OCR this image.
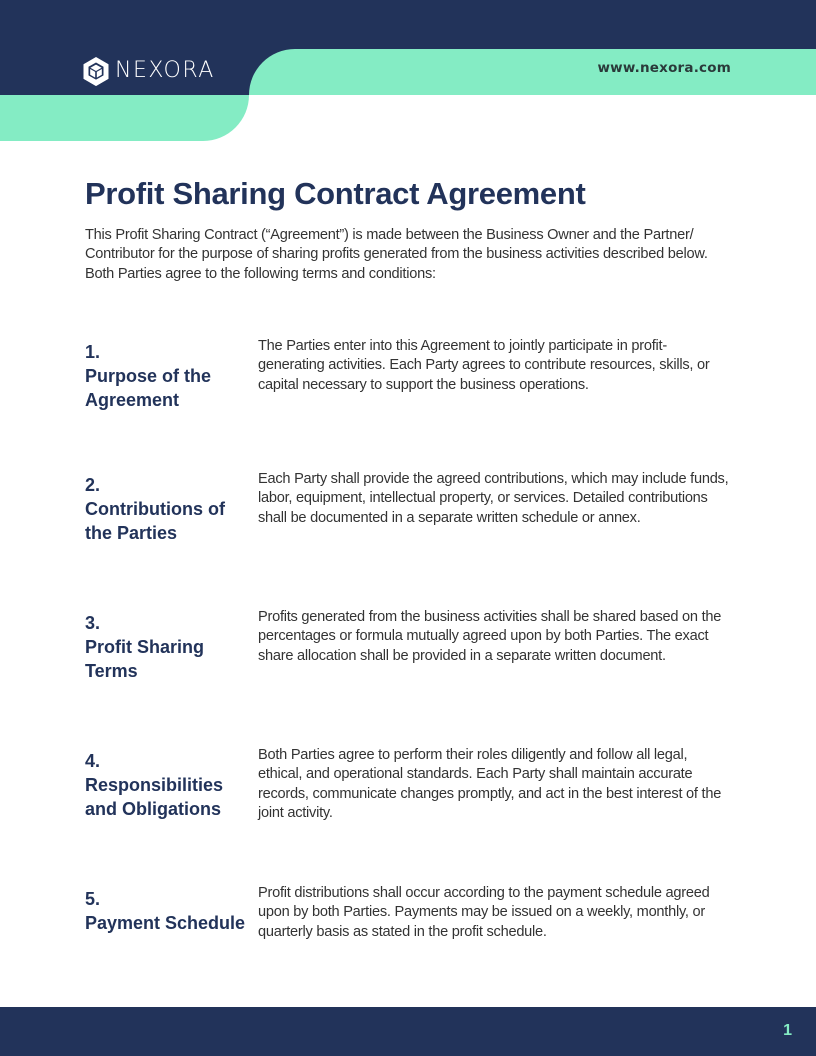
NEXORA	www.nexora.com
Profit Sharing Contract Agreement

This Profit Sharing Contract (“Agreement”) is made between the Business Owner and the Partner/ Contributor for the purpose of sharing profits generated from the business activities described below. Both Parties agree to the following terms and conditions:

1.
Purpose of the Agreement

The Parties enter into this Agreement to jointly participate in profit-generating activities. Each Party agrees to contribute resources, skills, or capital necessary to support the business operations.

2.
Contributions of the Parties

Each Party shall provide the agreed contributions, which may include funds, labor, equipment, intellectual property, or services. Detailed contributions shall be documented in a separate written schedule or annex.

3.
Profit Sharing Terms

Profits generated from the business activities shall be shared based on the percentages or formula mutually agreed upon by both Parties. The exact share allocation shall be provided in a separate written document.

4.
Responsibilities and Obligations

Both Parties agree to perform their roles diligently and follow all legal, ethical, and operational standards. Each Party shall maintain accurate records, communicate changes promptly, and act in the best interest of the joint activity.

5.
Payment Schedule

Profit distributions shall occur according to the payment schedule agreed upon by both Parties. Payments may be issued on a weekly, monthly, or quarterly basis as stated in the profit schedule.

1
